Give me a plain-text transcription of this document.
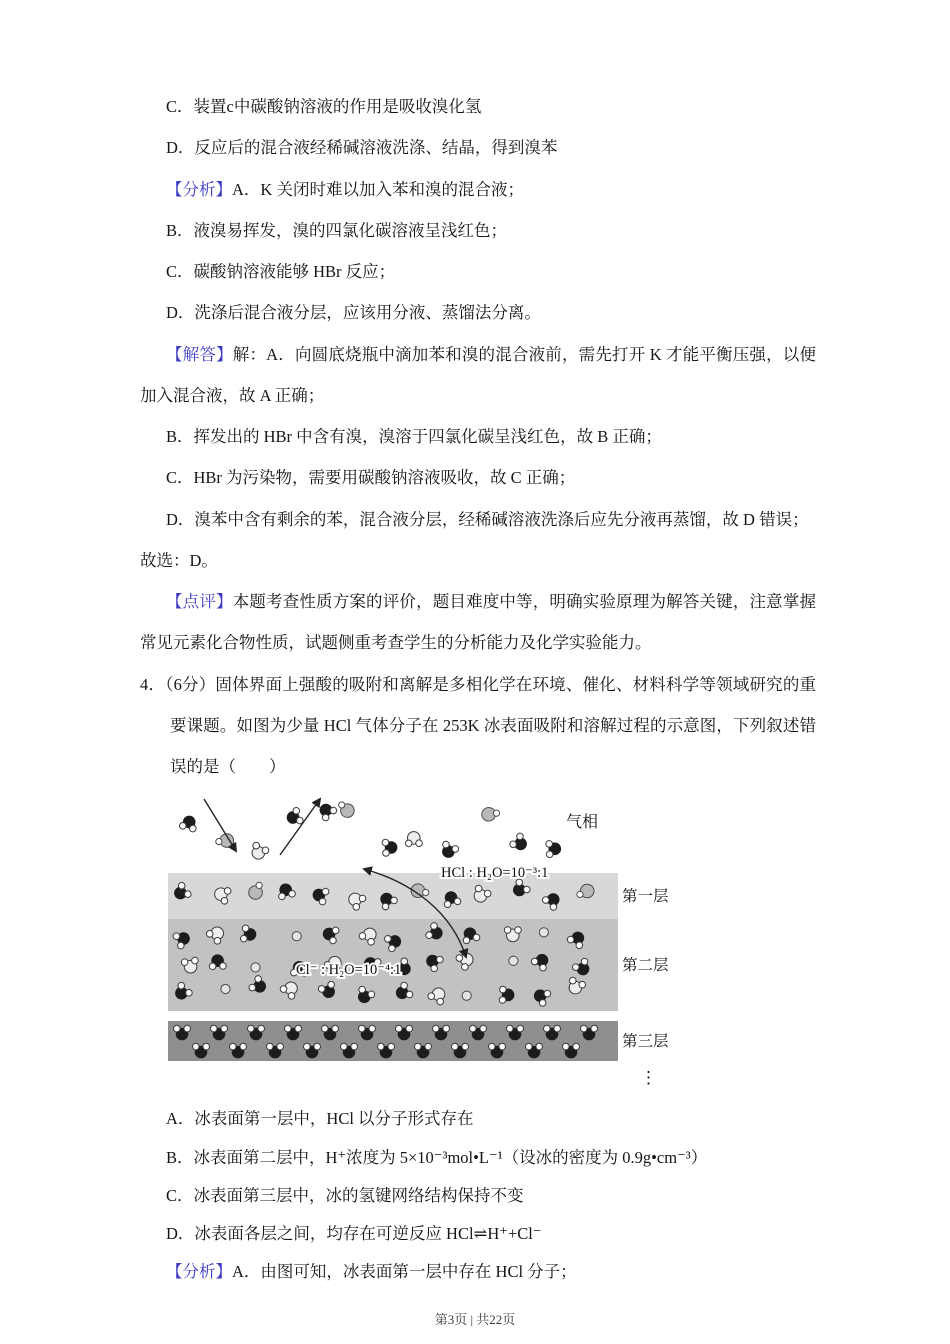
C．装置c中碳酸钠溶液的作用是吸收溴化氢
D．反应后的混合液经稀碱溶液洗涤、结晶，得到溴苯
【分析】A．K 关闭时难以加入苯和溴的混合液；
B．液溴易挥发，溴的四氯化碳溶液呈浅红色；
C．碳酸钠溶液能够 HBr 反应；
D．洗涤后混合液分层，应该用分液、蒸馏法分离。
【解答】解：A．向圆底烧瓶中滴加苯和溴的混合液前，需先打开 K 才能平衡压强，以便加入混合液，故 A 正确；
B．挥发出的 HBr 中含有溴，溴溶于四氯化碳呈浅红色，故 B 正确；
C．HBr 为污染物，需要用碳酸钠溶液吸收，故 C 正确；
D．溴苯中含有剩余的苯，混合液分层，经稀碱溶液洗涤后应先分液再蒸馏，故 D 错误；
故选：D。
【点评】本题考查性质方案的评价，题目难度中等，明确实验原理为解答关键，注意掌握常见元素化合物性质，试题侧重考查学生的分析能力及化学实验能力。
4．（6分）固体界面上强酸的吸附和离解是多相化学在环境、催化、材料科学等领域研究的重要课题。如图为少量 HCl 气体分子在 253K 冰表面吸附和溶解过程的示意图，下列叙述错误的是（　　）
气相
第一层
第二层
第三层
HCl : H₂O=10⁻³:1
Cl⁻ : H₂O=10⁻⁴:1
⋮
A．冰表面第一层中，HCl 以分子形式存在
B．冰表面第二层中，H⁺浓度为 5×10⁻³mol•L⁻¹（设冰的密度为 0.9g•cm⁻³）
C．冰表面第三层中，冰的氢键网络结构保持不变
D．冰表面各层之间，均存在可逆反应 HCl⇌H⁺+Cl⁻
【分析】A．由图可知，冰表面第一层中存在 HCl 分子；
第3页 | 共22页
